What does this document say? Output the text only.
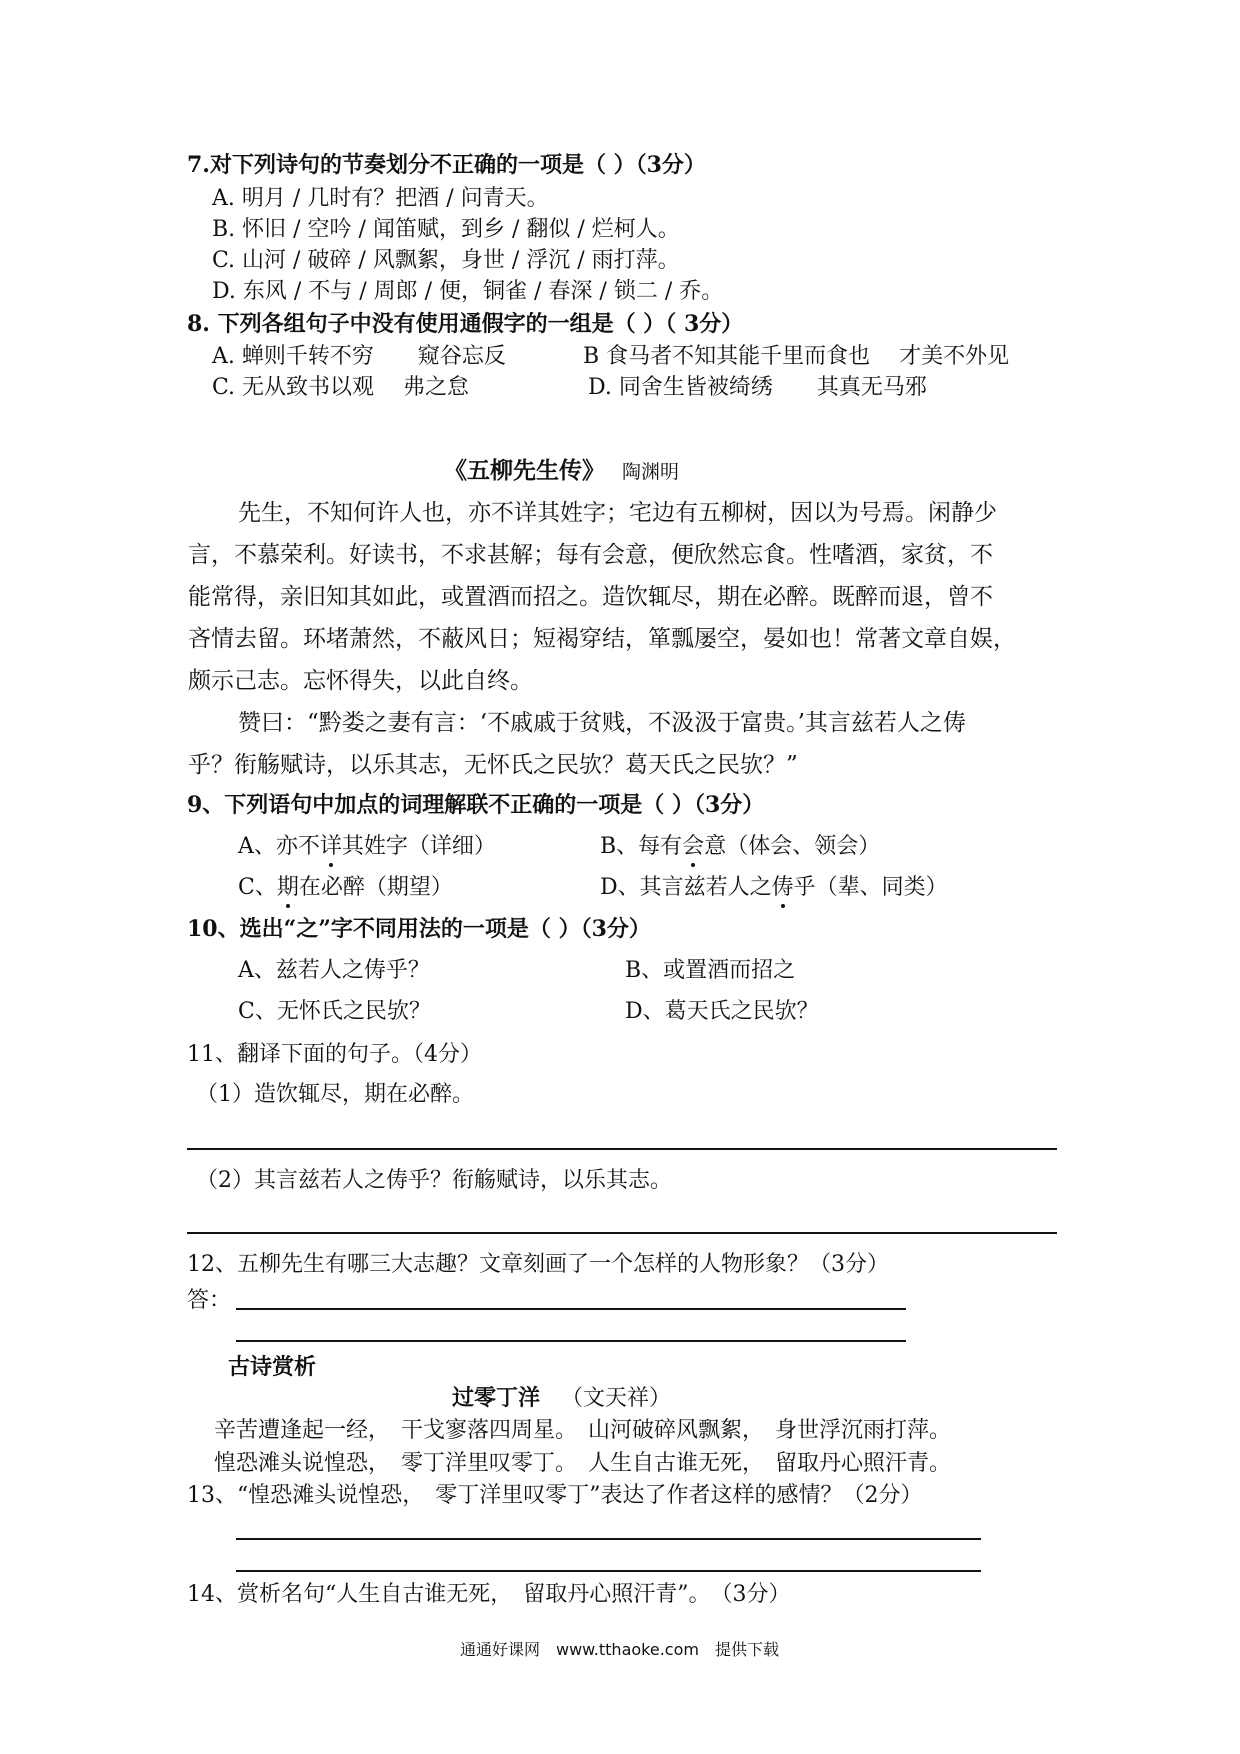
7.对下列诗句的节奏划分不正确的一项是（ ）（3分）
A. 明月 / 几时有？把酒 / 问青天。
B. 怀旧 / 空吟 / 闻笛赋，到乡 / 翻似 / 烂柯人。
C. 山河 / 破碎 / 风飘絮，身世 / 浮沉 / 雨打萍。
D. 东风 / 不与 / 周郎 / 便，铜雀 / 春深 / 锁二 / 乔。
8. 下列各组句子中没有使用通假字的一组是（ ）（ 3分）
A. 蝉则千转不穷　　窥谷忘反	B 食马者不知其能千里而食也　 才美不外见
C. 无从致书以观　 弗之怠	D. 同舍生皆被绮绣　　其真无马邪
《五柳先生传》 陶渊明
先生，不知何许人也，亦不详其姓字；宅边有五柳树，因以为号焉。闲静少
言，不慕荣利。好读书，不求甚解；每有会意，便欣然忘食。性嗜酒，家贫，不
能常得，亲旧知其如此，或置酒而招之。造饮辄尽，期在必醉。既醉而退，曾不
吝情去留。环堵萧然，不蔽风日；短褐穿结，箪瓢屡空，晏如也！常著文章自娱，
颇示己志。忘怀得失，以此自终。
赞曰：“黔娄之妻有言：‘不戚戚于贫贱，不汲汲于富贵。’其言兹若人之俦
乎？衔觞赋诗，以乐其志，无怀氏之民欤？葛天氏之民欤？”
9、下列语句中加点的词理解联不正确的一项是（ ）（3分）
A、亦不详其姓字（详细）	B、每有会意（体会、领会）
C、期在必醉（期望）	D、其言兹若人之俦乎（辈、同类）
10、选出“之”字不同用法的一项是（ ）（3分）
A、兹若人之俦乎？	B、或置酒而招之
C、无怀氏之民欤？	D、葛天氏之民欤？
11、翻译下面的句子。（4分）
（1）造饮辄尽，期在必醉。
（2）其言兹若人之俦乎？衔觞赋诗，以乐其志。
12、五柳先生有哪三大志趣？文章刻画了一个怎样的人物形象？（3分）
答：
古诗赏析
过零丁洋 （文天祥）
辛苦遭逢起一经，　干戈寥落四周星。　山河破碎风飘絮，　身世浮沉雨打萍。
惶恐滩头说惶恐，　零丁洋里叹零丁。　人生自古谁无死，　留取丹心照汗青。
13、“惶恐滩头说惶恐，　零丁洋里叹零丁”表达了作者这样的感情？（2分）
14、赏析名句“人生自古谁无死，　留取丹心照汗青”。　（3分）
通通好课网　www.tthaoke.com　提供下载
